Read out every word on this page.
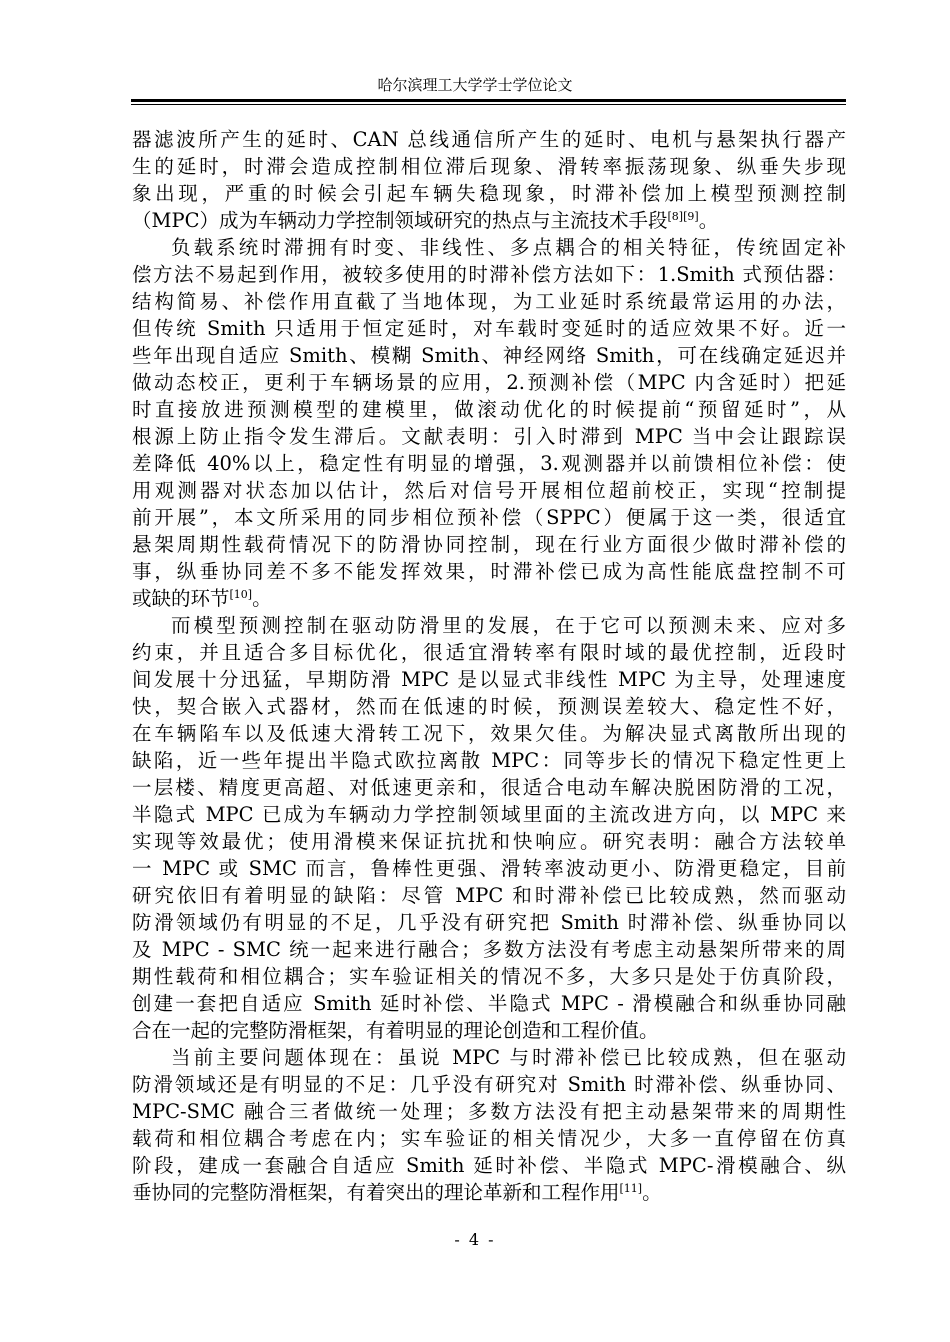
哈尔滨理工大学学士学位论文
器滤波所产生的延时、CAN 总线通信所产生的延时、电机与悬架执行器产
生的延时，时滞会造成控制相位滞后现象、滑转率振荡现象、纵垂失步现
象出现，严重的时候会引起车辆失稳现象，时滞补偿加上模型预测控制
（MPC）成为车辆动力学控制领域研究的热点与主流技术手段[8][9]。
负载系统时滞拥有时变、非线性、多点耦合的相关特征，传统固定补
偿方法不易起到作用，被较多使用的时滞补偿方法如下：1.Smith 式预估器：
结构简易、补偿作用直截了当地体现，为工业延时系统最常运用的办法，
但传统 Smith 只适用于恒定延时，对车载时变延时的适应效果不好。近一
些年出现自适应 Smith、模糊 Smith、神经网络 Smith，可在线确定延迟并
做动态校正，更利于车辆场景的应用，2.预测补偿（MPC 内含延时）把延
时直接放进预测模型的建模里，做滚动优化的时候提前“预留延时”，从
根源上防止指令发生滞后。文献表明：引入时滞到 MPC 当中会让跟踪误
差降低 40%以上，稳定性有明显的增强，3.观测器并以前馈相位补偿：使
用观测器对状态加以估计，然后对信号开展相位超前校正，实现“控制提
前开展”，本文所采用的同步相位预补偿（SPPC）便属于这一类，很适宜
悬架周期性载荷情况下的防滑协同控制，现在行业方面很少做时滞补偿的
事，纵垂协同差不多不能发挥效果，时滞补偿已成为高性能底盘控制不可
或缺的环节[10]。
而模型预测控制在驱动防滑里的发展，在于它可以预测未来、应对多
约束，并且适合多目标优化，很适宜滑转率有限时域的最优控制，近段时
间发展十分迅猛，早期防滑 MPC 是以显式非线性 MPC 为主导，处理速度
快，契合嵌入式器材，然而在低速的时候，预测误差较大、稳定性不好，
在车辆陷车以及低速大滑转工况下，效果欠佳。为解决显式离散所出现的
缺陷，近一些年提出半隐式欧拉离散 MPC：同等步长的情况下稳定性更上
一层楼、精度更高超、对低速更亲和，很适合电动车解决脱困防滑的工况，
半隐式 MPC 已成为车辆动力学控制领域里面的主流改进方向，以 MPC 来
实现等效最优；使用滑模来保证抗扰和快响应。研究表明：融合方法较单
一 MPC 或 SMC 而言，鲁棒性更强、滑转率波动更小、防滑更稳定，目前
研究依旧有着明显的缺陷：尽管 MPC 和时滞补偿已比较成熟，然而驱动
防滑领域仍有明显的不足，几乎没有研究把 Smith 时滞补偿、纵垂协同以
及 MPC - SMC 统一起来进行融合；多数方法没有考虑主动悬架所带来的周
期性载荷和相位耦合；实车验证相关的情况不多，大多只是处于仿真阶段，
创建一套把自适应 Smith 延时补偿、半隐式 MPC - 滑模融合和纵垂协同融
合在一起的完整防滑框架，有着明显的理论创造和工程价值。
当前主要问题体现在：虽说 MPC 与时滞补偿已比较成熟，但在驱动
防滑领域还是有明显的不足：几乎没有研究对 Smith 时滞补偿、纵垂协同、
MPC-SMC 融合三者做统一处理；多数方法没有把主动悬架带来的周期性
载荷和相位耦合考虑在内；实车验证的相关情况少，大多一直停留在仿真
阶段，建成一套融合自适应 Smith 延时补偿、半隐式 MPC-滑模融合、纵
垂协同的完整防滑框架，有着突出的理论革新和工程作用[11]。
- 4 -
